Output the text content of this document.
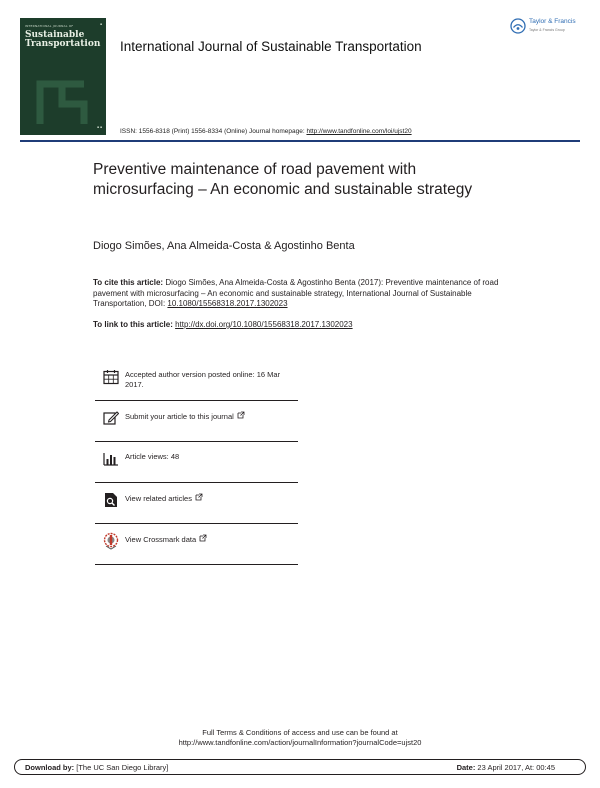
INTERNATIONAL JOURNAL OF	▪
Sustainable
Transportation
▪ ▪
International Journal of Sustainable Transportation
Taylor & Francis
Taylor & Francis Group
ISSN: 1556-8318 (Print) 1556-8334 (Online) Journal homepage: http://www.tandfonline.com/loi/ujst20
Preventive maintenance of road pavement with microsurfacing – An economic and sustainable strategy
Diogo Simões, Ana Almeida-Costa & Agostinho Benta
To cite this article: Diogo Simões, Ana Almeida-Costa & Agostinho Benta (2017): Preventive maintenance of road pavement with microsurfacing – An economic and sustainable strategy, International Journal of Sustainable Transportation, DOI: 10.1080/15568318.2017.1302023
To link to this article: http://dx.doi.org/10.1080/15568318.2017.1302023
Accepted author version posted online: 16 Mar 2017.
Submit your article to this journal
Article views: 48
View related articles
View Crossmark data
Full Terms & Conditions of access and use can be found at
http://www.tandfonline.com/action/journalInformation?journalCode=ujst20
Download by: [The UC San Diego Library]	Date: 23 April 2017, At: 00:45
